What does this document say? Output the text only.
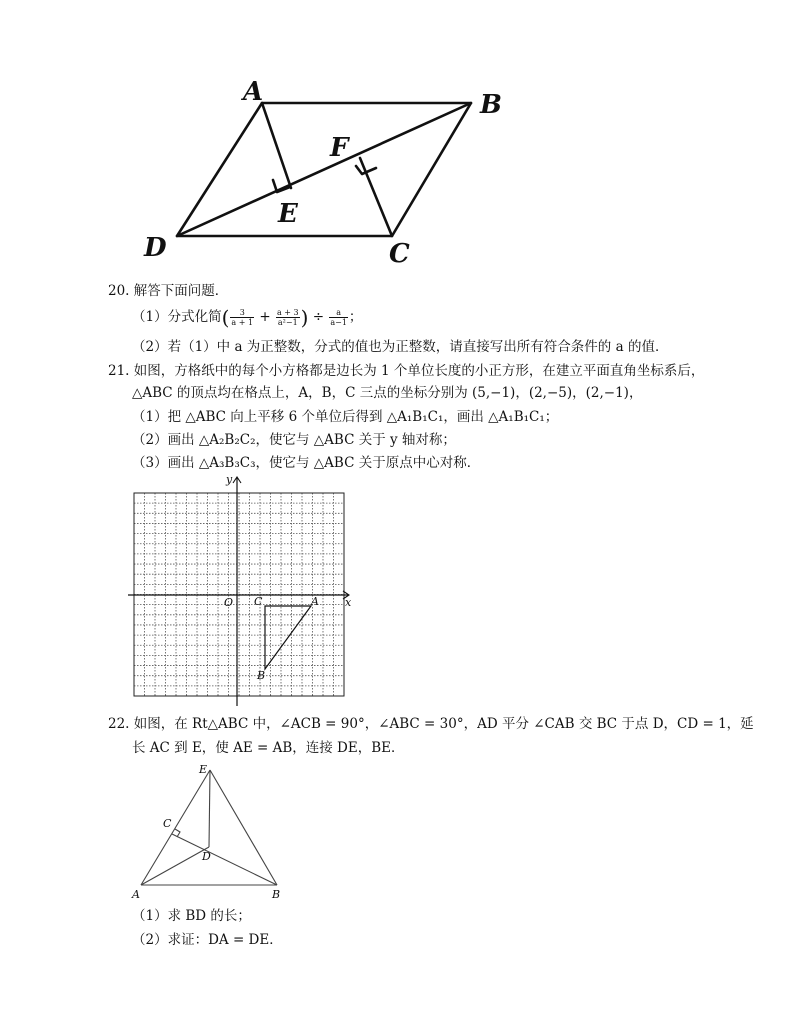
A	B
C
D
E
F
20. 解答下面问题．
（1）分式化简( $\frac{3}{a + 1} + \frac{a + 3}{\text{a²−1}}$ ) ÷ $\frac{a}{a-1}$ ；
（2）若（1）中 a 为正整数，分式的值也为正整数，请直接写出所有符合条件的 a 的值．
21. 如图，方格纸中的每个小方格都是边长为 1 个单位长度的小正方形，在建立平面直角坐标系后，
△ABC 的顶点均在格点上，A，B，C 三点的坐标分别为 (5,−1)，(2,−5)，(2,−1)，
（1）把 △ABC 向上平移 6 个单位后得到 △A₁B₁C₁，画出 △A₁B₁C₁；
（2）画出 △A₂B₂C₂，使它与 △ABC 关于 y 轴对称；
（3）画出 △A₃B₃C₃，使它与 △ABC 关于原点中心对称．
y
x
O	A
B
C
22. 如图，在 Rt△ABC 中，∠ACB = 90°，∠ABC = 30°，AD 平分 ∠CAB 交 BC 于点 D，CD = 1，延
长 AC 到 E，使 AE = AB，连接 DE，BE．
E
C
D
A	B
（1）求 BD 的长；
（2）求证：DA = DE．
